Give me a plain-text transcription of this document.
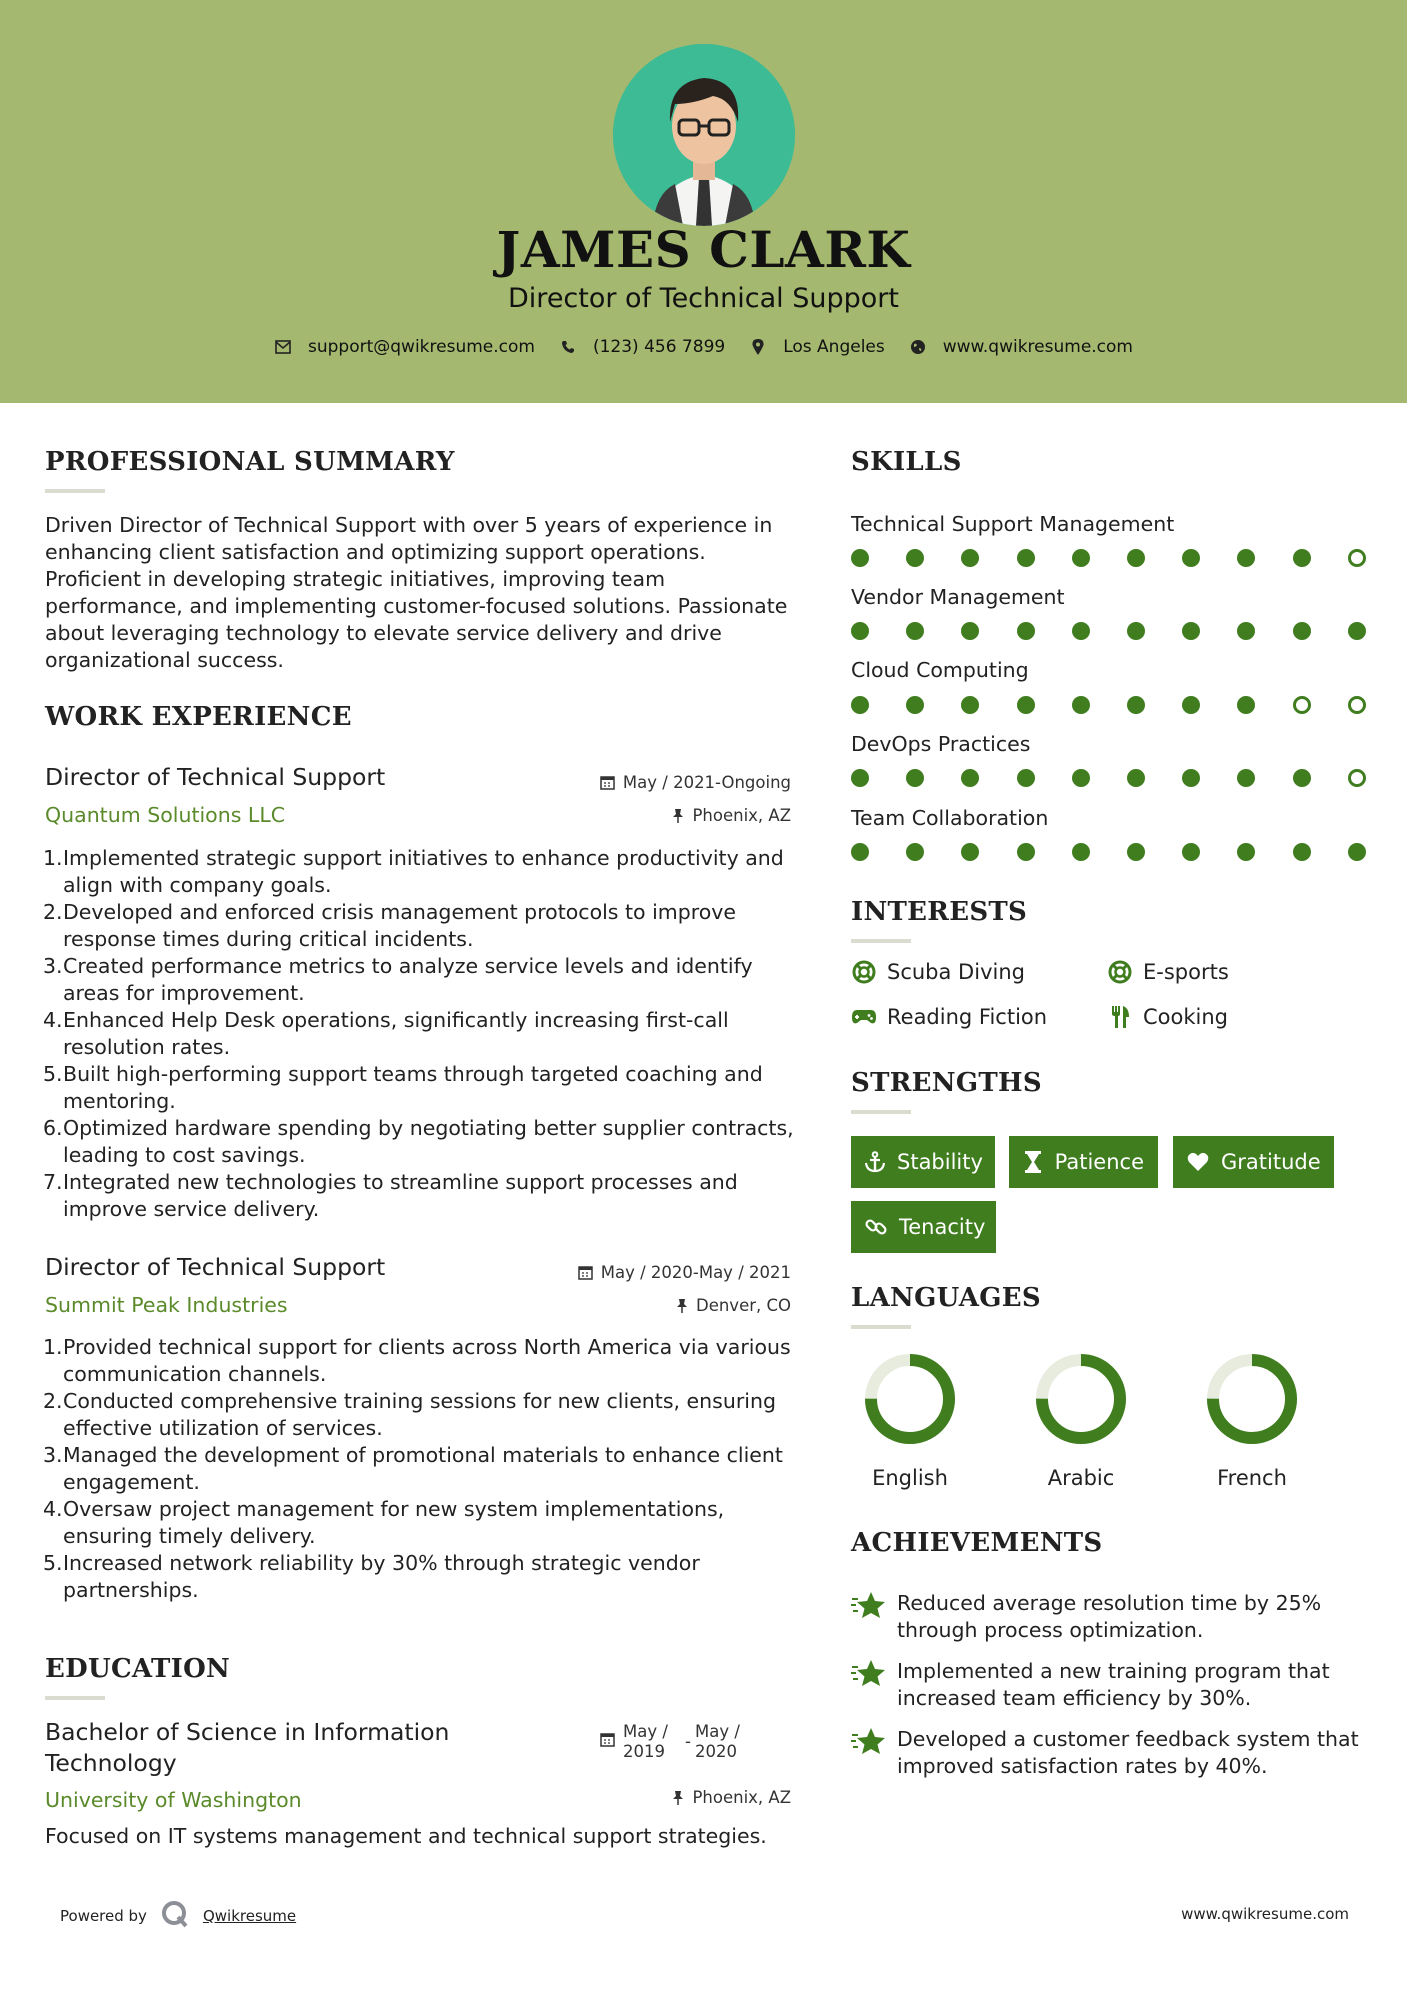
JAMES CLARK
Director of Technical Support
support@qwikresume.com	(123) 456 7899	Los Angeles	www.qwikresume.com
PROFESSIONAL SUMMARY
Driven Director of Technical Support with over 5 years of experience in enhancing client satisfaction and optimizing support operations. Proficient in developing strategic initiatives, improving team performance, and implementing customer-focused solutions. Passionate about leveraging technology to elevate service delivery and drive organizational success.
WORK EXPERIENCE
Director of Technical Support	May / 2021-Ongoing
Quantum Solutions LLC	Phoenix, AZ
1. Implemented strategic support initiatives to enhance productivity and align with company goals.
2. Developed and enforced crisis management protocols to improve response times during critical incidents.
3. Created performance metrics to analyze service levels and identify areas for improvement.
4. Enhanced Help Desk operations, significantly increasing first-call resolution rates.
5. Built high-performing support teams through targeted coaching and mentoring.
6. Optimized hardware spending by negotiating better supplier contracts, leading to cost savings.
7. Integrated new technologies to streamline support processes and improve service delivery.
Director of Technical Support	May / 2020-May / 2021
Summit Peak Industries	Denver, CO
1. Provided technical support for clients across North America via various communication channels.
2. Conducted comprehensive training sessions for new clients, ensuring effective utilization of services.
3. Managed the development of promotional materials to enhance client engagement.
4. Oversaw project management for new system implementations, ensuring timely delivery.
5. Increased network reliability by 30% through strategic vendor partnerships.
EDUCATION
Bachelor of Science in Information Technology
May / 2019
-
May / 2020
University of Washington	Phoenix, AZ
Focused on IT systems management and technical support strategies.
SKILLS
Technical Support Management
Vendor Management
Cloud Computing
DevOps Practices
Team Collaboration
INTERESTS
Scuba Diving	E-sports
Reading Fiction	Cooking
STRENGTHS
Stability	Patience	Gratitude
Tenacity
LANGUAGES
English	Arabic	French
ACHIEVEMENTS
Reduced average resolution time by 25% through process optimization.
Implemented a new training program that increased team efficiency by 30%.
Developed a customer feedback system that improved satisfaction rates by 40%.
Powered by	Qwikresume	www.qwikresume.com
